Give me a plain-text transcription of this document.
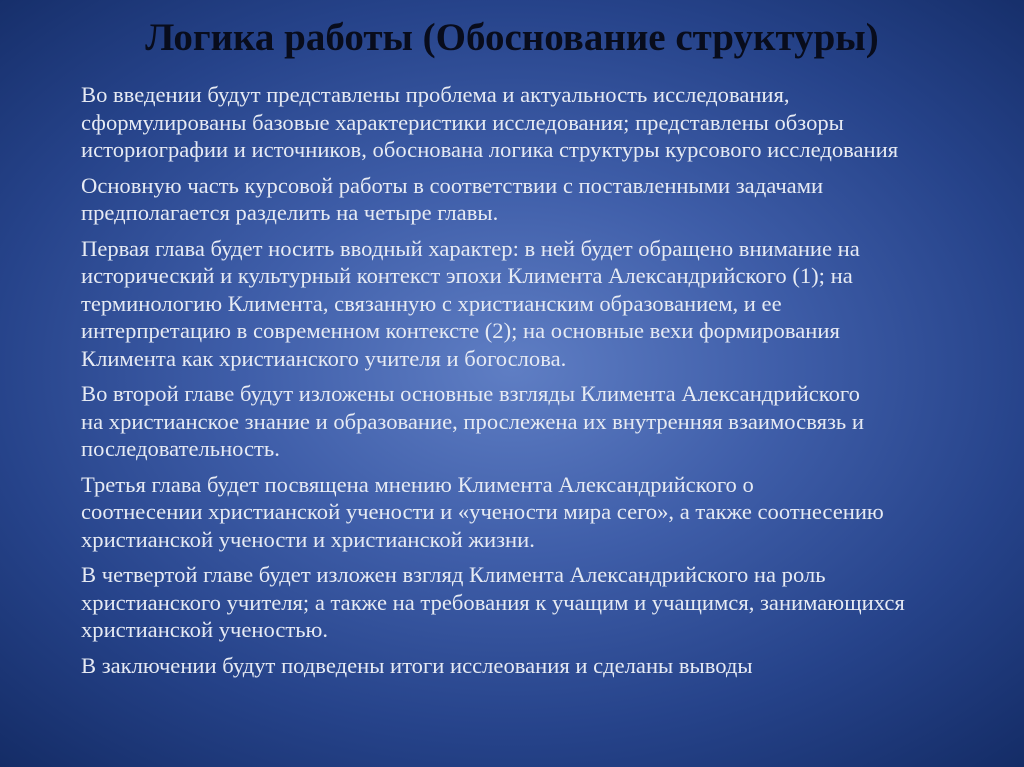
Логика работы (Обоснование структуры)

Во введении будут представлены проблема и актуальность исследования,
сформулированы базовые характеристики исследования; представлены обзоры
историографии и источников, обоснована логика структуры курсового исследования

Основную часть курсовой работы в соответствии с поставленными задачами
предполагается разделить на четыре главы.

Первая глава будет носить вводный характер: в ней будет обращено внимание на
исторический и культурный контекст эпохи Климента Александрийского (1); на
терминологию Климента, связанную с христианским образованием, и ее
интерпретацию в современном контексте (2); на основные вехи формирования
Климента как христианского учителя и богослова.

Во второй главе будут изложены основные взгляды Климента Александрийского
на христианское знание и образование, прослежена их внутренняя взаимосвязь и
последовательность.

Третья глава будет посвящена мнению Климента Александрийского о
соотнесении христианской учености и «учености мира сего», а также соотнесению
христианской учености и христианской жизни.

В четвертой главе будет изложен взгляд Климента Александрийского на роль
христианского учителя; а также на требования к учащим и учащимся, занимающихся
христианской ученостью.

В заключении будут подведены итоги исслеования и сделаны выводы
